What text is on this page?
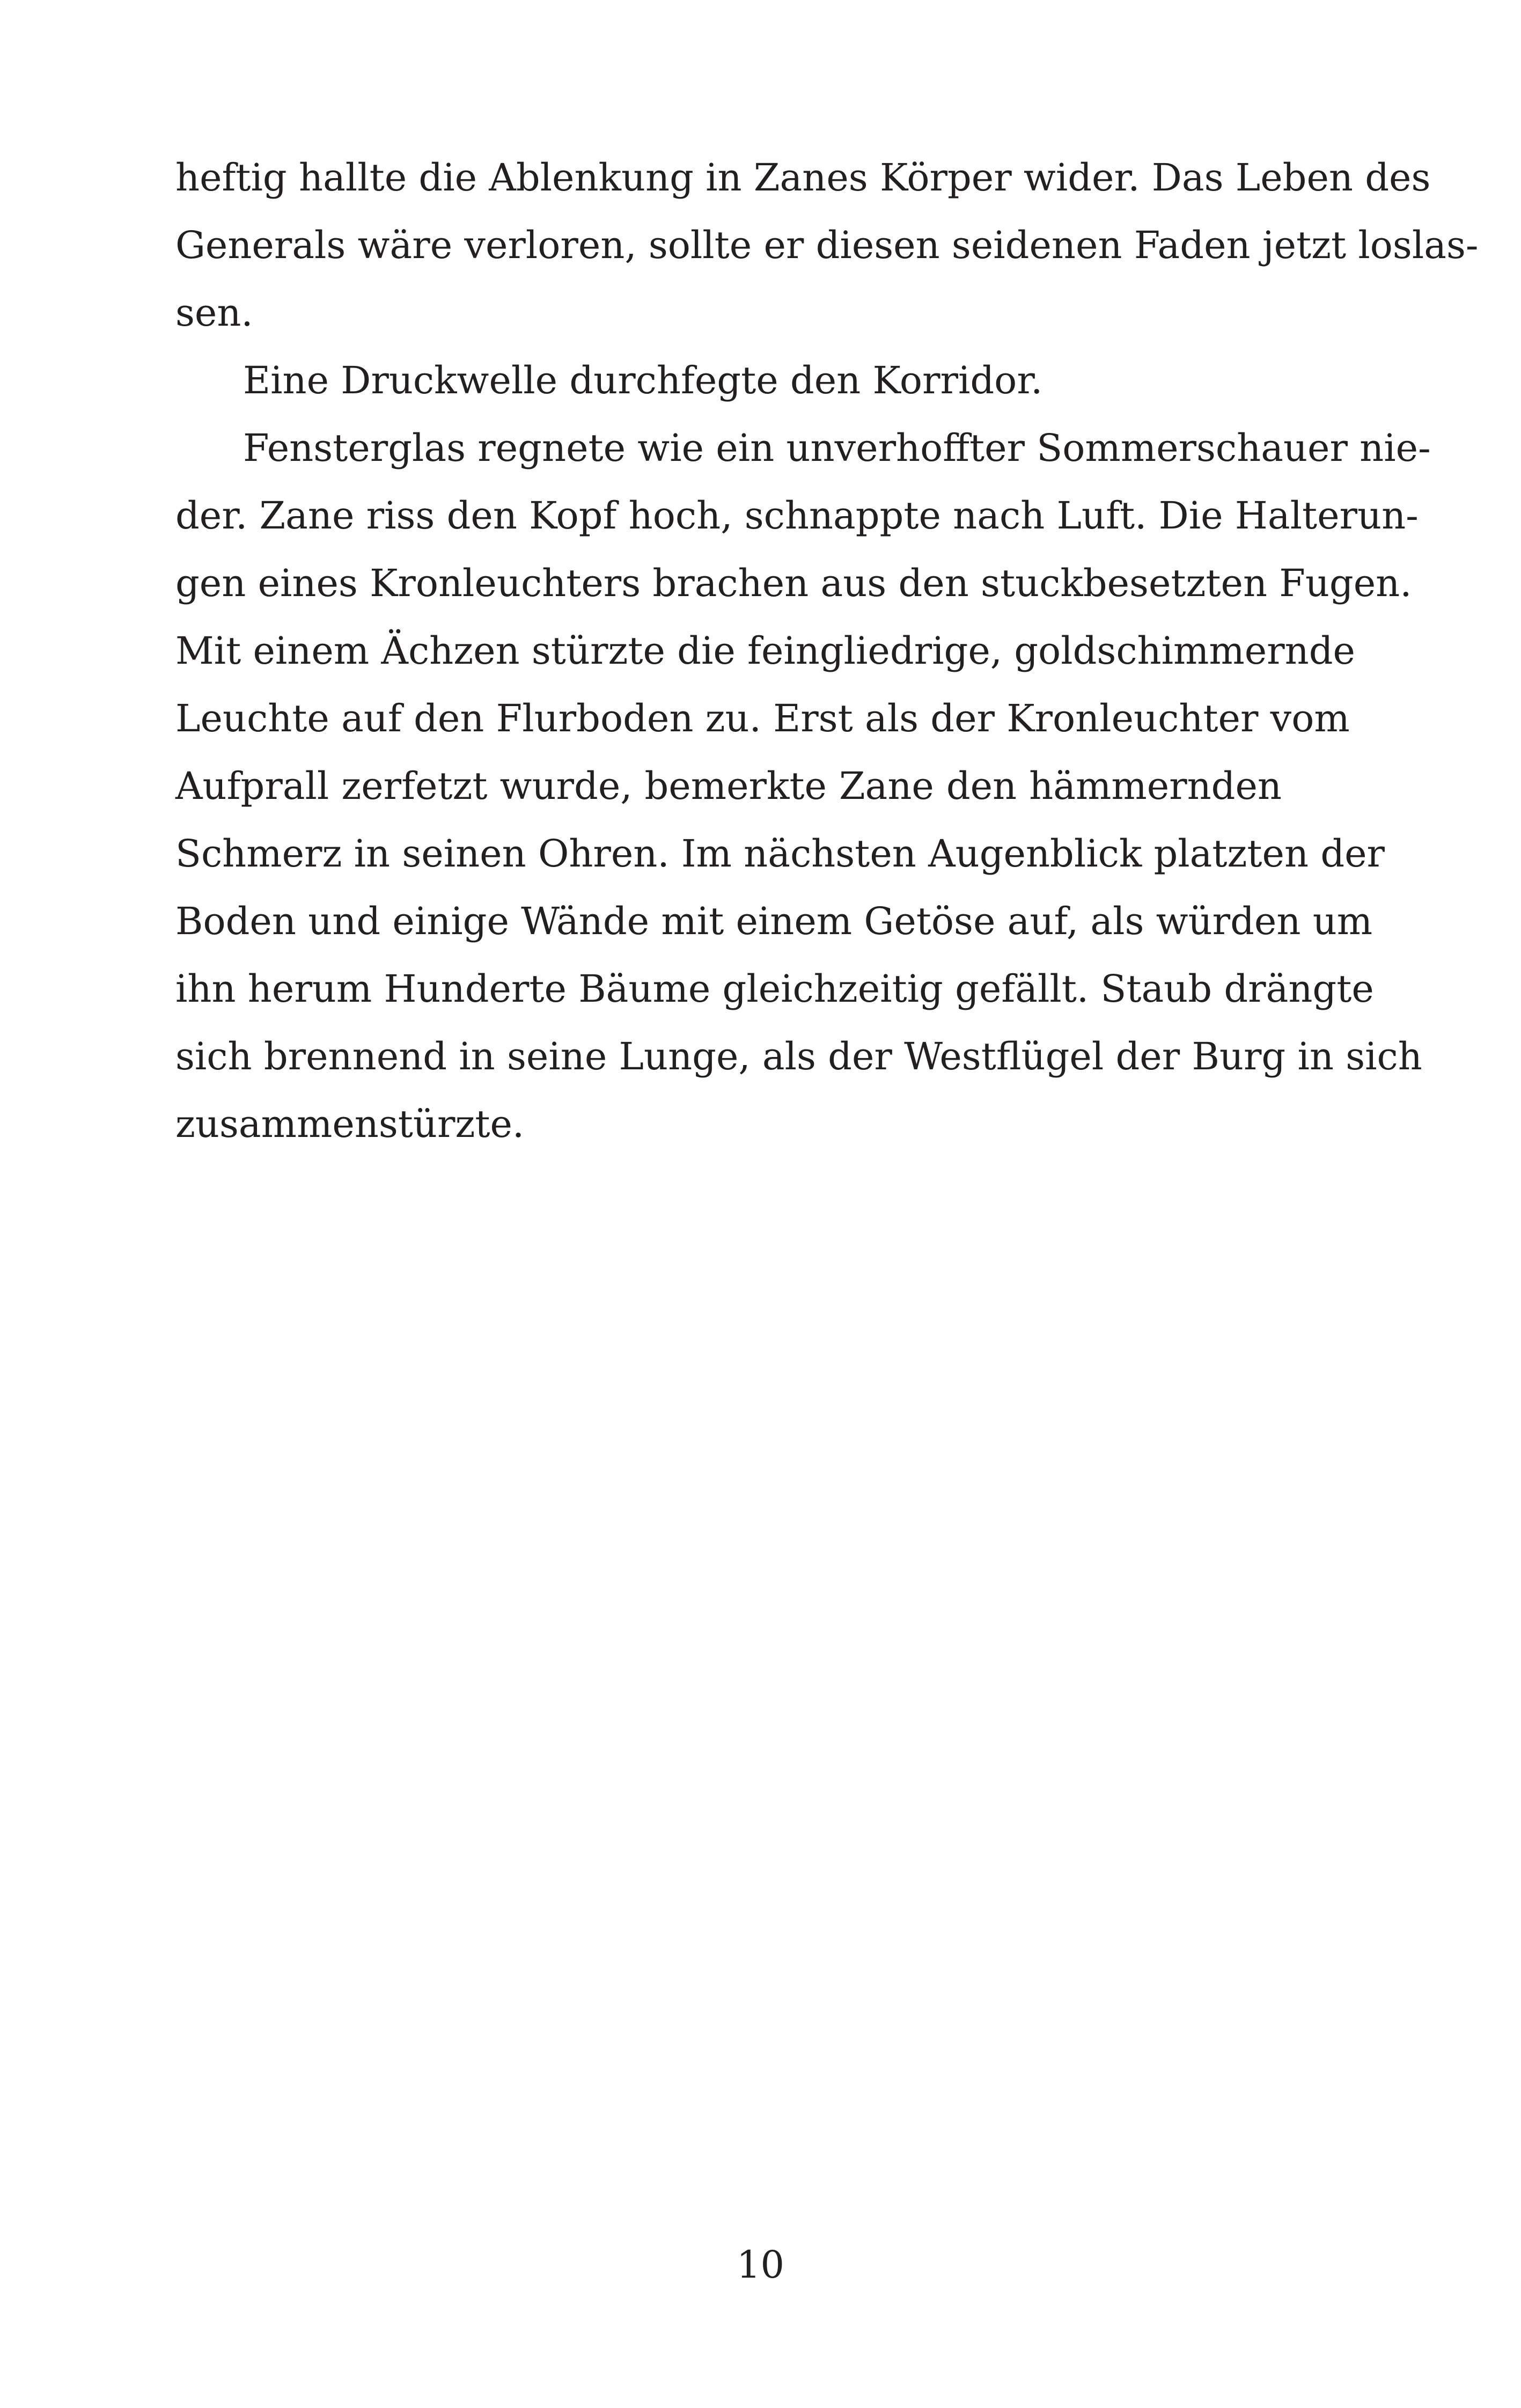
heftig hallte die Ablenkung in Zanes Körper wider. Das Leben des
Generals wäre verloren, sollte er diesen seidenen Faden jetzt loslas-
sen.
Eine Druckwelle durchfegte den Korridor.
Fensterglas regnete wie ein unverhoffter Sommerschauer nie-
der. Zane riss den Kopf hoch, schnappte nach Luft. Die Halterun-
gen eines Kronleuchters brachen aus den stuckbesetzten Fugen.
Mit einem Ächzen stürzte die feingliedrige, goldschimmernde
Leuchte auf den Flurboden zu. Erst als der Kronleuchter vom
Aufprall zerfetzt wurde, bemerkte Zane den hämmernden
Schmerz in seinen Ohren. Im nächsten Augenblick platzten der
Boden und einige Wände mit einem Getöse auf, als würden um
ihn herum Hunderte Bäume gleichzeitig gefällt. Staub drängte
sich brennend in seine Lunge, als der Westflügel der Burg in sich
zusammenstürzte.
10
